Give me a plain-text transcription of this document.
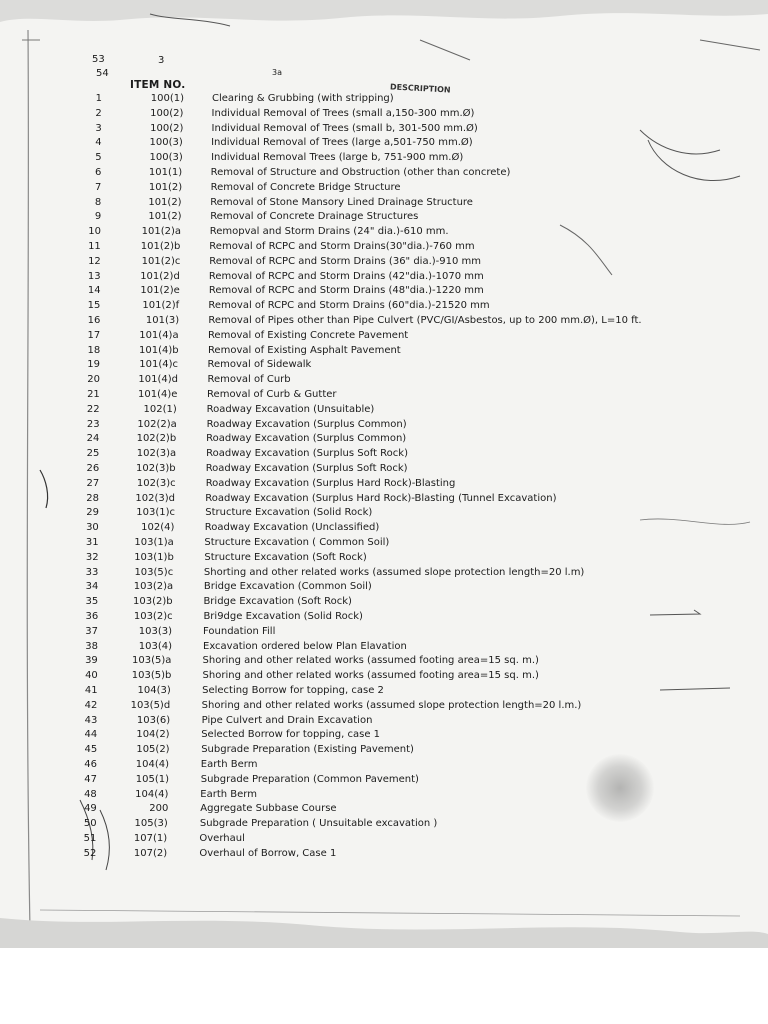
53
54
3
3a
ITEM NO.	DESCRIPTION
1	100(1)	Clearing & Grubbing (with stripping)
2	100(2)	Individual Removal of Trees (small a,150-300 mm.Ø)
3	100(2)	Individual Removal of Trees (small b, 301-500 mm.Ø)
4	100(3)	Individual Removal of Trees (large a,501-750 mm.Ø)
5	100(3)	Individual Removal Trees (large b, 751-900 mm.Ø)
6	101(1)	Removal of Structure and Obstruction (other than concrete)
7	101(2)	Removal of Concrete Bridge Structure
8	101(2)	Removal of Stone Mansory Lined Drainage Structure
9	101(2)	Removal of Concrete Drainage Structures
10	101(2)a	Remopval and Storm Drains (24" dia.)-610 mm.
11	101(2)b	Removal of RCPC and Storm Drains(30"dia.)-760 mm
12	101(2)c	Removal of RCPC and Storm Drains (36" dia.)-910 mm
13	101(2)d	Removal of RCPC and Storm Drains (42"dia.)-1070 mm
14	101(2)e	Removal of RCPC and Storm Drains (48"dia.)-1220 mm
15	101(2)f	Removal of RCPC and Storm Drains (60"dia.)-21520 mm
16	101(3)	Removal of Pipes other than Pipe Culvert (PVC/GI/Asbestos, up to 200 mm.Ø), L=10 ft.
17	101(4)a	Removal of Existing Concrete Pavement
18	101(4)b	Removal of Existing Asphalt Pavement
19	101(4)c	Removal of Sidewalk
20	101(4)d	Removal of Curb
21	101(4)e	Removal of Curb & Gutter
22	102(1)	Roadway Excavation (Unsuitable)
23	102(2)a	Roadway Excavation (Surplus Common)
24	102(2)b	Roadway Excavation (Surplus Common)
25	102(3)a	Roadway Excavation (Surplus Soft Rock)
26	102(3)b	Roadway Excavation (Surplus Soft Rock)
27	102(3)c	Roadway Excavation (Surplus Hard Rock)-Blasting
28	102(3)d	Roadway Excavation (Surplus Hard Rock)-Blasting (Tunnel Excavation)
29	103(1)c	Structure Excavation (Solid Rock)
30	102(4)	Roadway Excavation (Unclassified)
31	103(1)a	Structure Excavation ( Common Soil)
32	103(1)b	Structure Excavation (Soft Rock)
33	103(5)c	Shorting and other related works (assumed slope protection length=20 l.m)
34	103(2)a	Bridge Excavation (Common Soil)
35	103(2)b	Bridge Excavation (Soft Rock)
36	103(2)c	Bri9dge Excavation (Solid Rock)
37	103(3)	Foundation Fill
38	103(4)	Excavation ordered below Plan Elavation
39	103(5)a	Shoring and other related works (assumed footing area=15 sq. m.)
40	103(5)b	Shoring and other related works (assumed footing area=15 sq. m.)
41	104(3)	Selecting Borrow for topping, case 2
42	103(5)d	Shoring and other related works (assumed slope protection length=20 l.m.)
43	103(6)	Pipe Culvert and Drain Excavation
44	104(2)	Selected Borrow for topping, case 1
45	105(2)	Subgrade Preparation (Existing Pavement)
46	104(4)	Earth Berm
47	105(1)	Subgrade Preparation (Common Pavement)
48	104(4)	Earth Berm
49	200	Aggregate Subbase Course
50	105(3)	Subgrade Preparation ( Unsuitable excavation )
51	107(1)	Overhaul
52	107(2)	Overhaul of Borrow, Case 1
